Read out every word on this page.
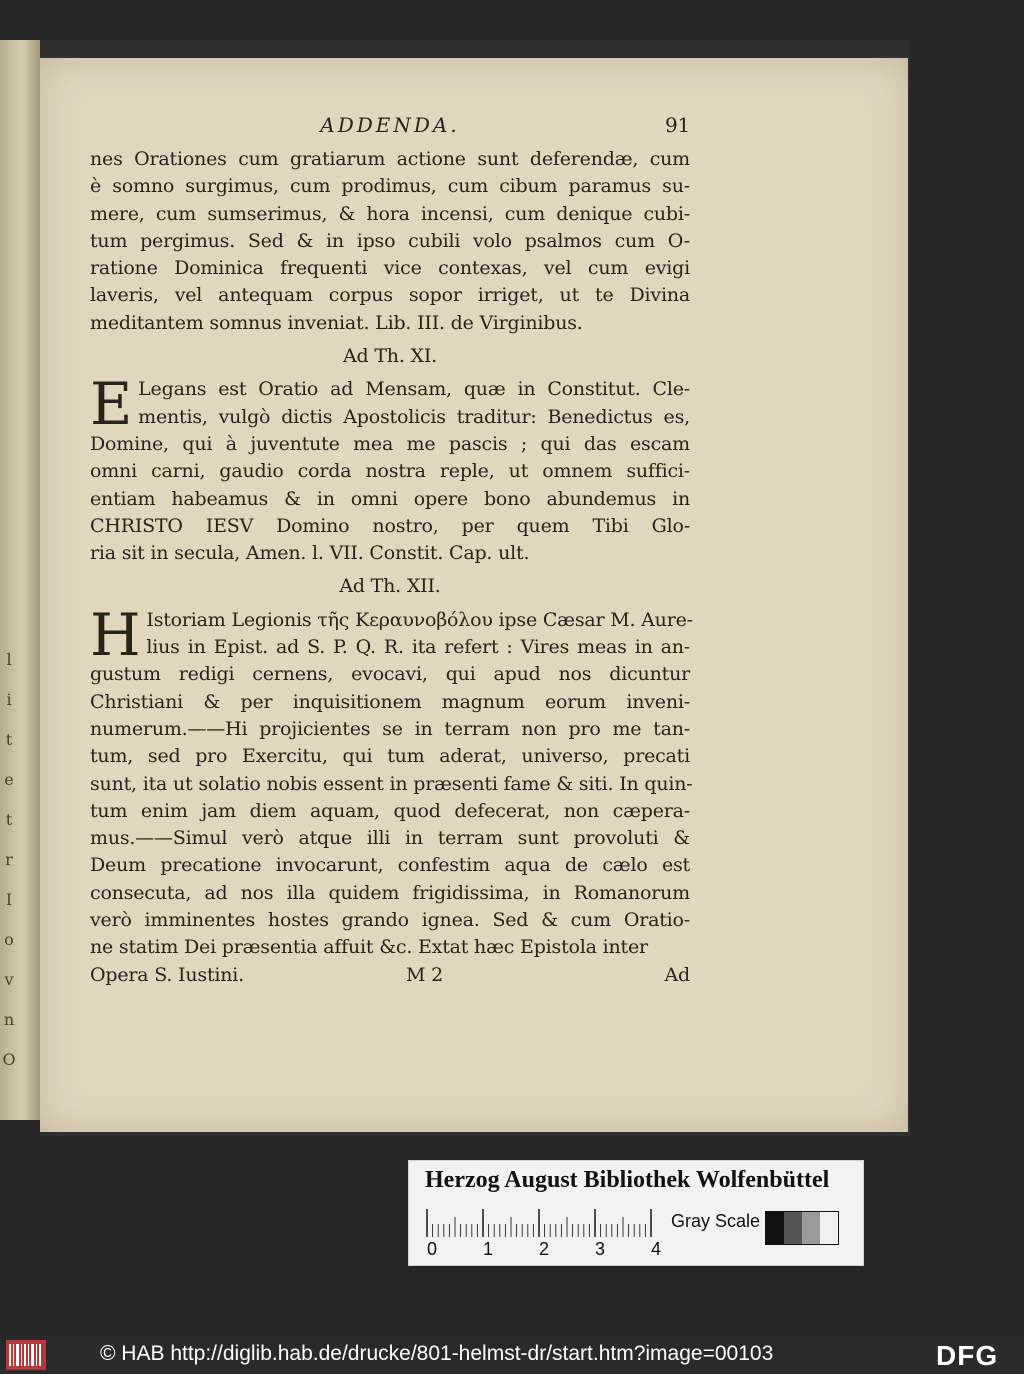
l
i
t
e
t
r
I
o
v
n
O
ADDENDA.	91
nes Orationes cum gratiarum actione sunt deferendæ, cum
è somno surgimus, cum prodimus, cum cibum paramus su-
mere, cum sumserimus, & hora incensi, cum denique cubi-
tum pergimus. Sed & in ipso cubili volo psalmos cum O-
ratione Dominica frequenti vice contexas, vel cum evigi
laveris, vel antequam corpus sopor irriget, ut te Divina
meditantem somnus inveniat. Lib. III. de Virginibus.
Ad Th. XI.
E Legans est Oratio ad Mensam, quæ in Constitut. Cle-
mentis, vulgò dictis Apostolicis traditur: Benedictus es,
Domine, qui à juventute mea me pascis ; qui das escam
omni carni, gaudio corda nostra reple, ut omnem suffici-
entiam habeamus & in omni opere bono abundemus in
CHRISTO IESV Domino nostro, per quem Tibi Glo-
ria sit in secula, Amen. l. VII. Constit. Cap. ult.
Ad Th. XII.
H Istoriam Legionis τῆς Κεραυνοβόλου ipse Cæsar M. Aure-
lius in Epist. ad S. P. Q. R. ita refert : Vires meas in an-
gustum redigi cernens, evocavi, qui apud nos dicuntur
Christiani & per inquisitionem magnum eorum inveni-
numerum.——Hi projicientes se in terram non pro me tan-
tum, sed pro Exercitu, qui tum aderat, universo, precati
sunt, ita ut solatio nobis essent in præsenti fame & siti. In quin-
tum enim jam diem aquam, quod defecerat, non cæpera-
mus.——Simul verò atque illi in terram sunt provoluti &
Deum precatione invocarunt, confestim aqua de cælo est
consecuta, ad nos illa quidem frigidissima, in Romanorum
verò imminentes hostes grando ignea. Sed & cum Oratio-
ne statim Dei præsentia affuit &c. Extat hæc Epistola inter
Opera S. Iustini.	M 2	Ad
Herzog August Bibliothek Wolfenbüttel
0	1	2	3	4
Gray Scale
© HAB http://diglib.hab.de/drucke/801-helmst-dr/start.htm?image=00103	DFG
